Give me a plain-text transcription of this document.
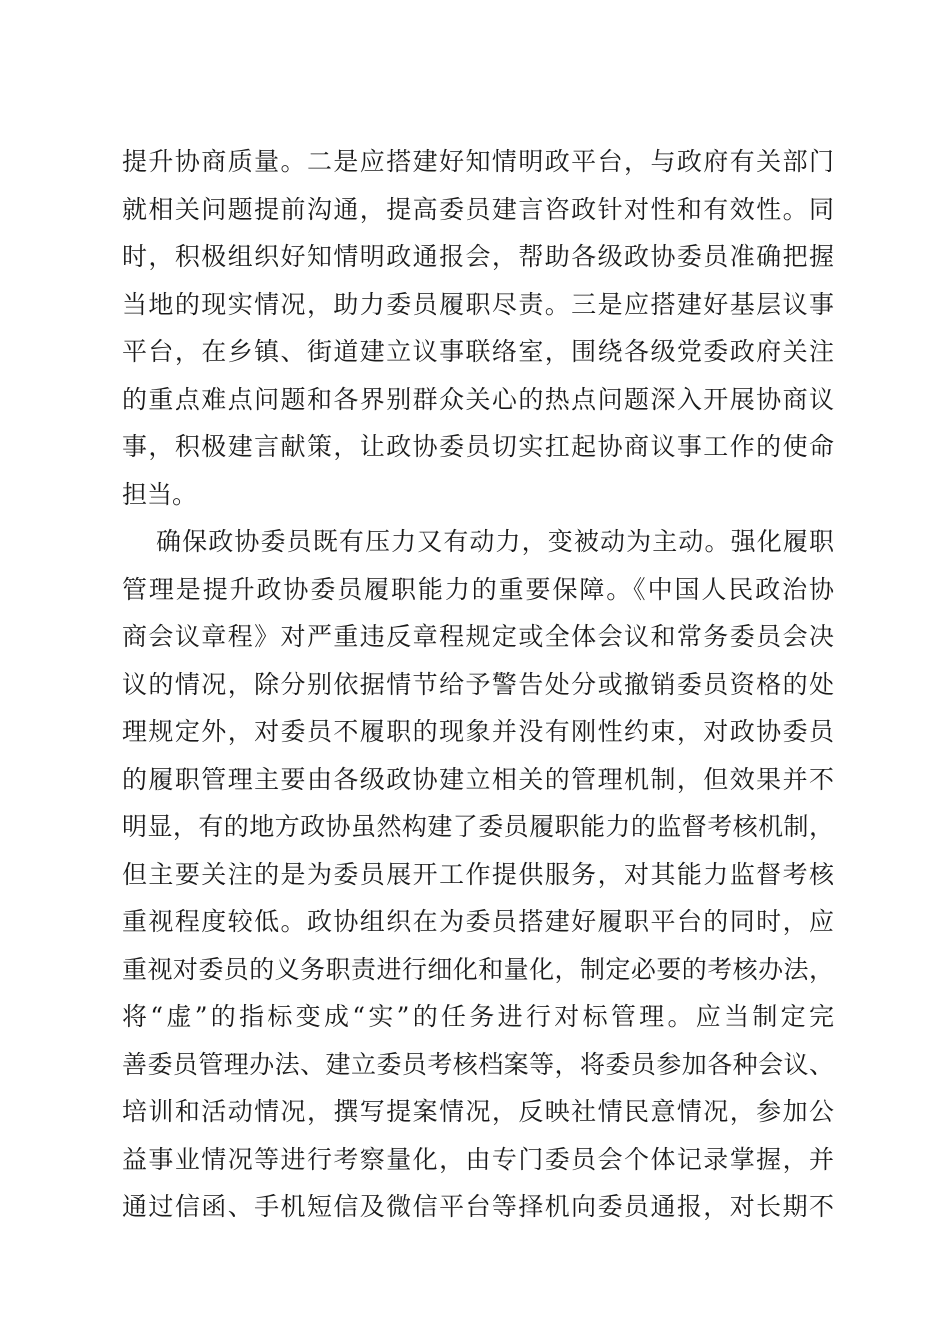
提升协商质量。二是应搭建好知情明政平台，与政府有关部门
就相关问题提前沟通，提高委员建言咨政针对性和有效性。同
时，积极组织好知情明政通报会，帮助各级政协委员准确把握
当地的现实情况，助力委员履职尽责。三是应搭建好基层议事
平台，在乡镇、街道建立议事联络室，围绕各级党委政府关注
的重点难点问题和各界别群众关心的热点问题深入开展协商议
事，积极建言献策，让政协委员切实扛起协商议事工作的使命
担当。
确保政协委员既有压力又有动力，变被动为主动。强化履职
管理是提升政协委员履职能力的重要保障。《中国人民政治协
商会议章程》对严重违反章程规定或全体会议和常务委员会决
议的情况，除分别依据情节给予警告处分或撤销委员资格的处
理规定外，对委员不履职的现象并没有刚性约束，对政协委员
的履职管理主要由各级政协建立相关的管理机制，但效果并不
明显，有的地方政协虽然构建了委员履职能力的监督考核机制，
但主要关注的是为委员展开工作提供服务，对其能力监督考核
重视程度较低。政协组织在为委员搭建好履职平台的同时，应
重视对委员的义务职责进行细化和量化，制定必要的考核办法，
将“虚”的指标变成“实”的任务进行对标管理。应当制定完
善委员管理办法、建立委员考核档案等，将委员参加各种会议、
培训和活动情况，撰写提案情况，反映社情民意情况，参加公
益事业情况等进行考察量化，由专门委员会个体记录掌握，并
通过信函、手机短信及微信平台等择机向委员通报，对长期不
